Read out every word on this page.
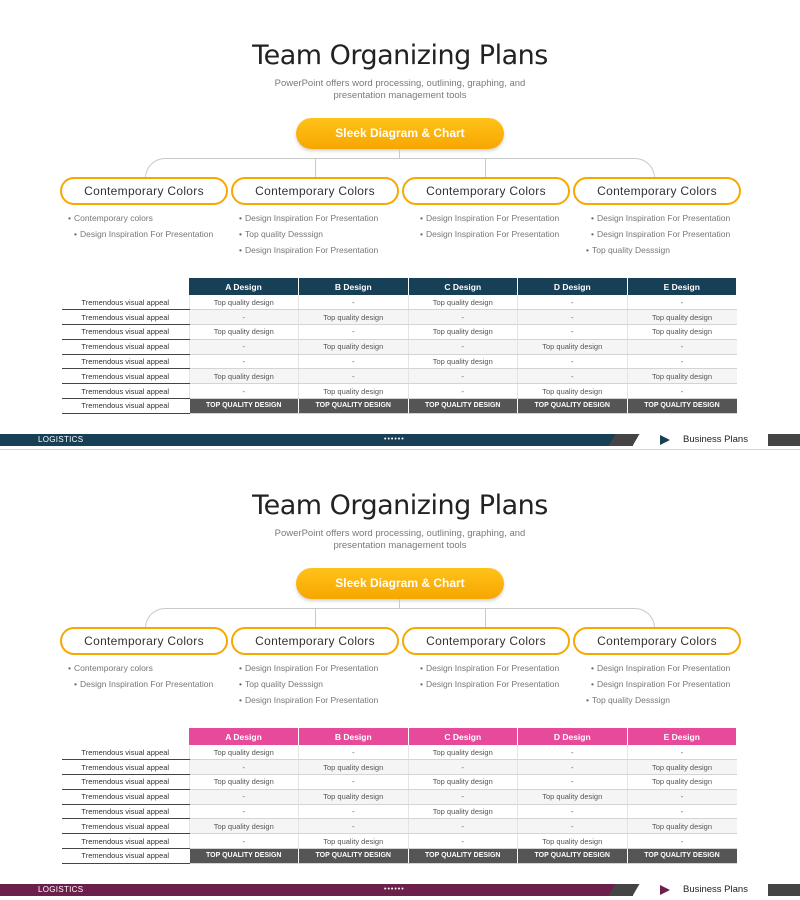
Team Organizing Plans
PowerPoint offers word processing, outlining, graphing, and
presentation management tools
Sleek Diagram & Chart
Contemporary Colors	Contemporary Colors	Contemporary Colors	Contemporary Colors
• Contemporary colors
• Design Inspiration For Presentation
• Design Inspiration For Presentation
• Top quality Desssign
• Design Inspiration For Presentation
• Design Inspiration For Presentation
• Design Inspiration For Presentation
• Design Inspiration For Presentation
• Design Inspiration For Presentation
• Top quality Desssign
	A Design	B Design	C Design	D Design	E Design
Tremendous visual appeal	Top quality design	-	Top quality design	-	-
Tremendous visual appeal	-	Top quality design	-	-	Top quality design
Tremendous visual appeal	Top quality design	-	Top quality design	-	Top quality design
Tremendous visual appeal	-	Top quality design	-	Top quality design	-
Tremendous visual appeal	-	-	Top quality design	-	-
Tremendous visual appeal	Top quality design	-	-	-	Top quality design
Tremendous visual appeal	-	Top quality design	-	Top quality design	-
Tremendous visual appeal	TOP QUALITY DESIGN	TOP QUALITY DESIGN	TOP QUALITY DESIGN	TOP QUALITY DESIGN	TOP QUALITY DESIGN
LOGISTICS	••••••	Business Plans
Team Organizing Plans
PowerPoint offers word processing, outlining, graphing, and
presentation management tools
Sleek Diagram & Chart
Contemporary Colors	Contemporary Colors	Contemporary Colors	Contemporary Colors
• Contemporary colors
• Design Inspiration For Presentation
• Design Inspiration For Presentation
• Top quality Desssign
• Design Inspiration For Presentation
• Design Inspiration For Presentation
• Design Inspiration For Presentation
• Design Inspiration For Presentation
• Design Inspiration For Presentation
• Top quality Desssign
	A Design	B Design	C Design	D Design	E Design
Tremendous visual appeal	Top quality design	-	Top quality design	-	-
Tremendous visual appeal	-	Top quality design	-	-	Top quality design
Tremendous visual appeal	Top quality design	-	Top quality design	-	Top quality design
Tremendous visual appeal	-	Top quality design	-	Top quality design	-
Tremendous visual appeal	-	-	Top quality design	-	-
Tremendous visual appeal	Top quality design	-	-	-	Top quality design
Tremendous visual appeal	-	Top quality design	-	Top quality design	-
Tremendous visual appeal	TOP QUALITY DESIGN	TOP QUALITY DESIGN	TOP QUALITY DESIGN	TOP QUALITY DESIGN	TOP QUALITY DESIGN
LOGISTICS	••••••	Business Plans
